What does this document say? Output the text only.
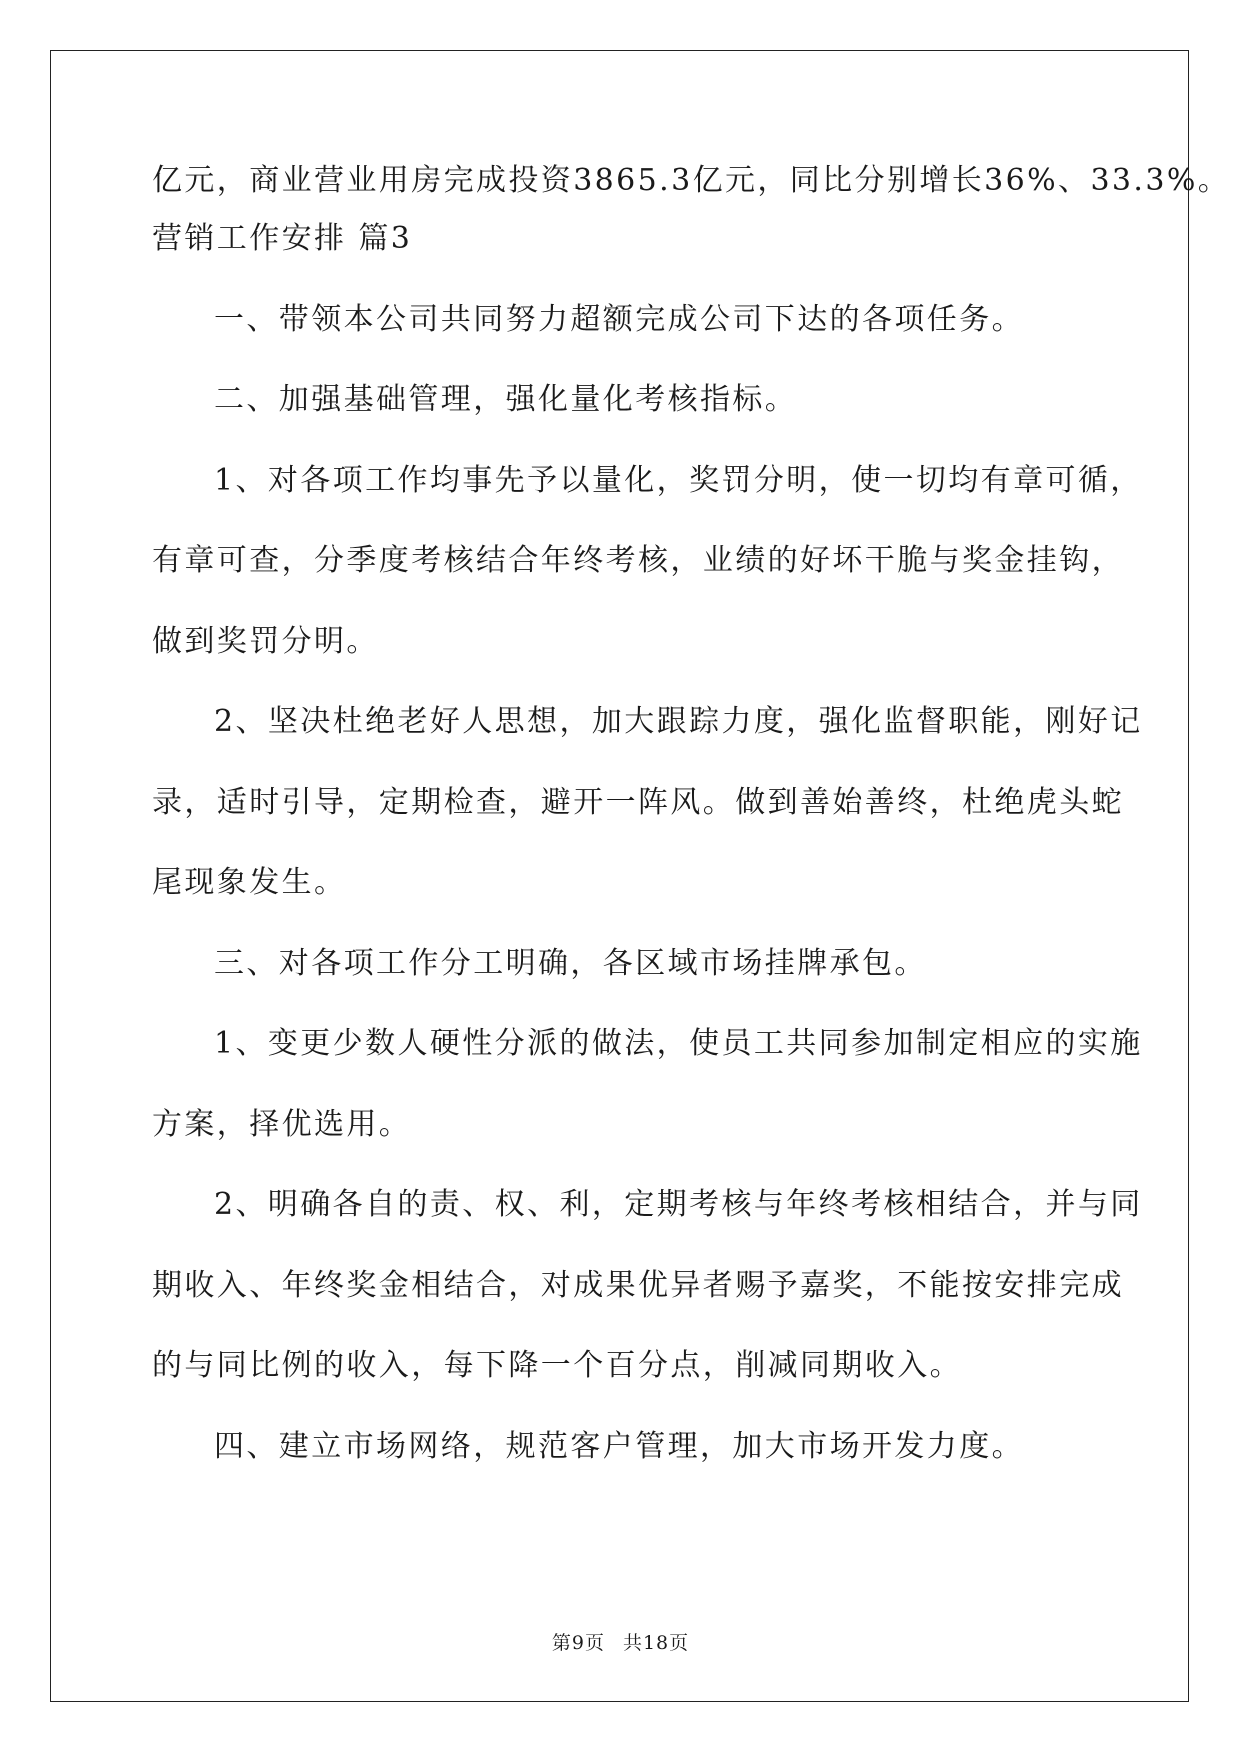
亿元，商业营业用房完成投资3865.3亿元，同比分别增长36%、33.3%。
营销工作安排 篇3
一、带领本公司共同努力超额完成公司下达的各项任务。
二、加强基础管理，强化量化考核指标。
1、对各项工作均事先予以量化，奖罚分明，使一切均有章可循，
有章可查，分季度考核结合年终考核，业绩的好坏干脆与奖金挂钩，
做到奖罚分明。
2、坚决杜绝老好人思想，加大跟踪力度，强化监督职能，刚好记
录，适时引导，定期检查，避开一阵风。做到善始善终，杜绝虎头蛇
尾现象发生。
三、对各项工作分工明确，各区域市场挂牌承包。
1、变更少数人硬性分派的做法，使员工共同参加制定相应的实施
方案，择优选用。
2、明确各自的责、权、利，定期考核与年终考核相结合，并与同
期收入、年终奖金相结合，对成果优异者赐予嘉奖，不能按安排完成
的与同比例的收入，每下降一个百分点，削减同期收入。
四、建立市场网络，规范客户管理，加大市场开发力度。
第9页 共18页
